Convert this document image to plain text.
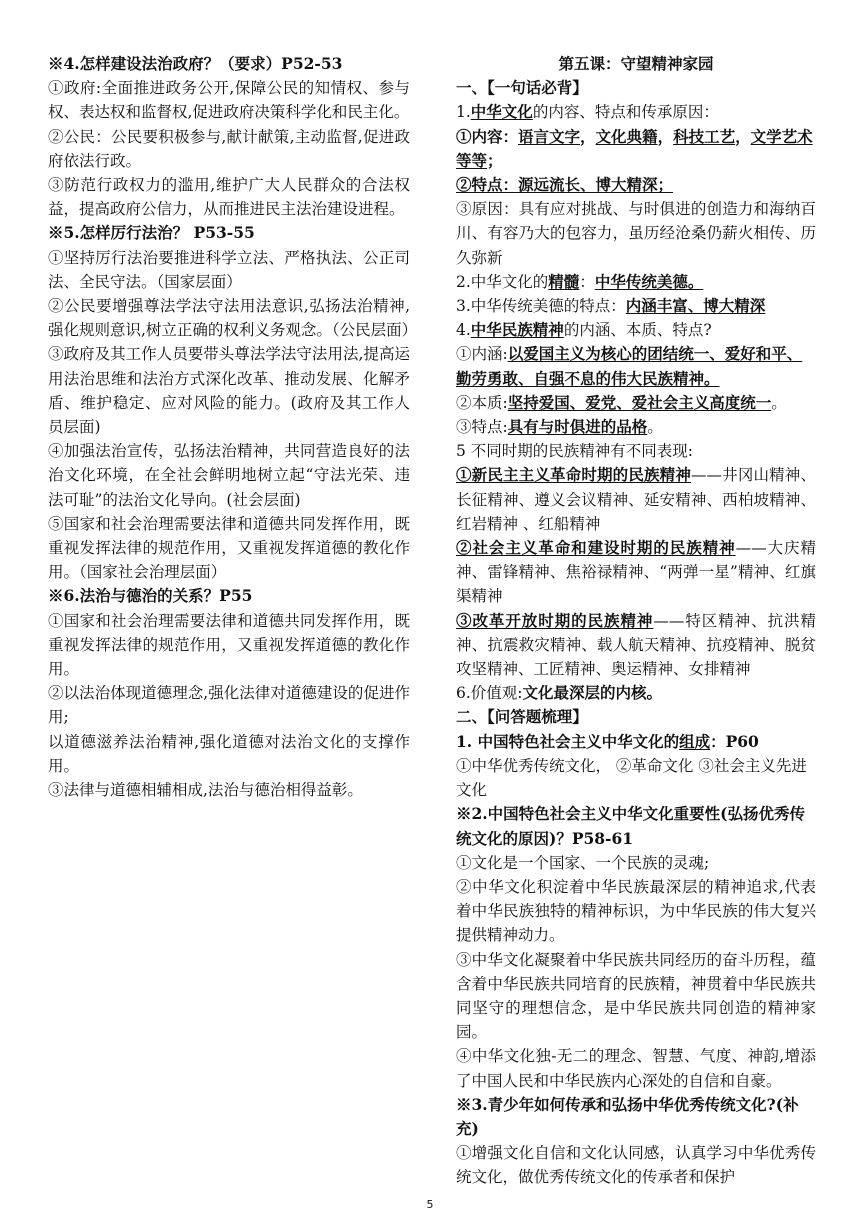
※4.怎样建设法治政府？（要求）P52-53

①政府:全面推进政务公开,保障公民的知情权、参与权、表达权和监督权,促进政府决策科学化和民主化。

②公民：公民要积极参与,献计献策,主动监督,促进政府依法行政。

③防范行政权力的滥用,维护广大人民群众的合法权益，提高政府公信力，从而推进民主法治建设进程。

※5.怎样厉行法治？ P53-55

①坚持厉行法治要推进科学立法、严格执法、公正司法、全民守法。（国家层面）

②公民要增强尊法学法守法用法意识,弘扬法治精神,强化规则意识,树立正确的权利义务观念。（公民层面）

③政府及其工作人员要带头尊法学法守法用法,提高运用法治思维和法治方式深化改革、推动发展、化解矛盾、维护稳定、应对风险的能力。(政府及其工作人员层面)

④加强法治宣传，弘扬法治精神，共同营造良好的法治文化环境，在全社会鲜明地树立起“守法光荣、违法可耻”的法治文化导向。(社会层面)

⑤国家和社会治理需要法律和道德共同发挥作用，既重视发挥法律的规范作用，又重视发挥道德的教化作用。（国家社会治理层面）

※6.法治与德治的关系？P55

①国家和社会治理需要法律和道德共同发挥作用，既重视发挥法律的规范作用，又重视发挥道德的教化作用。

②以法治体现道德理念,强化法律对道德建设的促进作用;

以道德滋养法治精神,强化道德对法治文化的支撑作用。

③法律与道德相辅相成,法治与德治相得益彰。

第五课：守望精神家园

一、【一句话必背】

1.中华文化的内容、特点和传承原因：

①内容：语言文字，文化典籍，科技工艺，文学艺术等等；

②特点：源远流长、博大精深；

③原因：具有应对挑战、与时俱进的创造力和海纳百川、有容乃大的包容力，虽历经沧桑仍薪火相传、历久弥新

2.中华文化的精髓：中华传统美德。

3.中华传统美德的特点：内涵丰富、博大精深

4.中华民族精神的内涵、本质、特点?

①内涵:以爱国主义为核心的团结统一、爱好和平、勤劳勇敢、自强不息的伟大民族精神。

②本质:坚持爱国、爱党、爱社会主义高度统一。

③特点:具有与时俱进的品格。

5 不同时期的民族精神有不同表现:

①新民主主义革命时期的民族精神——井冈山精神、长征精神、遵义会议精神、延安精神、西柏坡精神、红岩精神 、红船精神

②社会主义革命和建设时期的民族精神——大庆精神、雷锋精神、焦裕禄精神、“两弹一星”精神、红旗渠精神

③改革开放时期的民族精神——特区精神、抗洪精神、抗震救灾精神、载人航天精神、抗疫精神、脱贫攻坚精神、工匠精神、奥运精神、女排精神

6.价值观:文化最深层的内核。

二、【问答题梳理】

1. 中国特色社会主义中华文化的组成：P60

①中华优秀传统文化， ②革命文化 ③社会主义先进文化

※2.中国特色社会主义中华文化重要性(弘扬优秀传统文化的原因)？P58-61

①文化是一个国家、一个民族的灵魂;

②中华文化积淀着中华民族最深层的精神追求,代表着中华民族独特的精神标识，为中华民族的伟大复兴提供精神动力。

③中华文化凝聚着中华民族共同经历的奋斗历程，蕴含着中华民族共同培育的民族精，神贯着中华民族共同坚守的理想信念，是中华民族共同创造的精神家园。

④中华文化独-无二的理念、智慧、气度、神韵,增添了中国人民和中华民族内心深处的自信和自豪。

※3.青少年如何传承和弘扬中华优秀传统文化?(补充)

①增强文化自信和文化认同感，认真学习中华优秀传统文化，做优秀传统文化的传承者和保护

5
